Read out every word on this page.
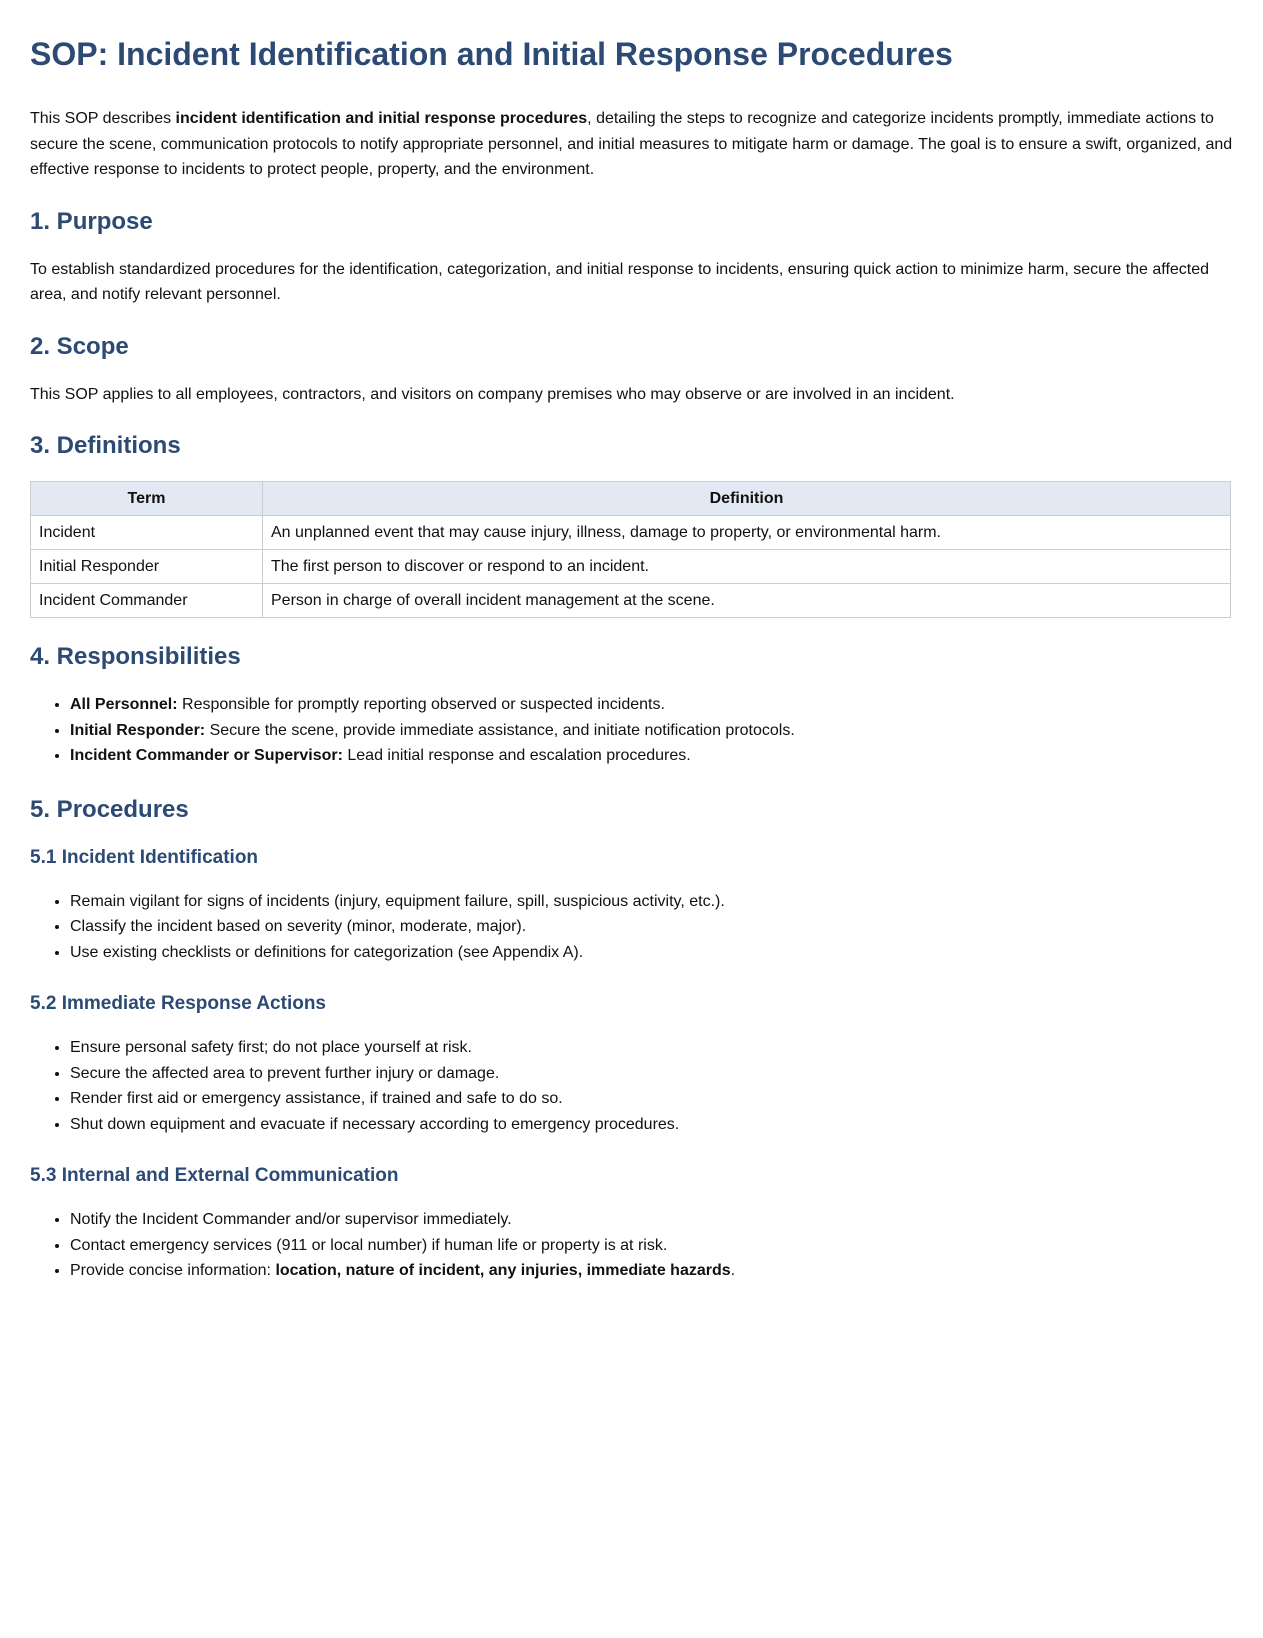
SOP: Incident Identification and Initial Response Procedures

This SOP describes incident identification and initial response procedures, detailing the steps to recognize and categorize incidents promptly, immediate actions to secure the scene, communication protocols to notify appropriate personnel, and initial measures to mitigate harm or damage. The goal is to ensure a swift, organized, and effective response to incidents to protect people, property, and the environment.

1. Purpose

To establish standardized procedures for the identification, categorization, and initial response to incidents, ensuring quick action to minimize harm, secure the affected area, and notify relevant personnel.

2. Scope

This SOP applies to all employees, contractors, and visitors on company premises who may observe or are involved in an incident.

3. Definitions
Term	Definition
Incident	An unplanned event that may cause injury, illness, damage to property, or environmental harm.
Initial Responder	The first person to discover or respond to an incident.
Incident Commander	Person in charge of overall incident management at the scene.
4. Responsibilities
• All Personnel: Responsible for promptly reporting observed or suspected incidents.
• Initial Responder: Secure the scene, provide immediate assistance, and initiate notification protocols.
• Incident Commander or Supervisor: Lead initial response and escalation procedures.
5. Procedures
5.1 Incident Identification
• Remain vigilant for signs of incidents (injury, equipment failure, spill, suspicious activity, etc.).
• Classify the incident based on severity (minor, moderate, major).
• Use existing checklists or definitions for categorization (see Appendix A).
5.2 Immediate Response Actions
• Ensure personal safety first; do not place yourself at risk.
• Secure the affected area to prevent further injury or damage.
• Render first aid or emergency assistance, if trained and safe to do so.
• Shut down equipment and evacuate if necessary according to emergency procedures.
5.3 Internal and External Communication
• Notify the Incident Commander and/or supervisor immediately.
• Contact emergency services (911 or local number) if human life or property is at risk.
• Provide concise information: location, nature of incident, any injuries, immediate hazards.
